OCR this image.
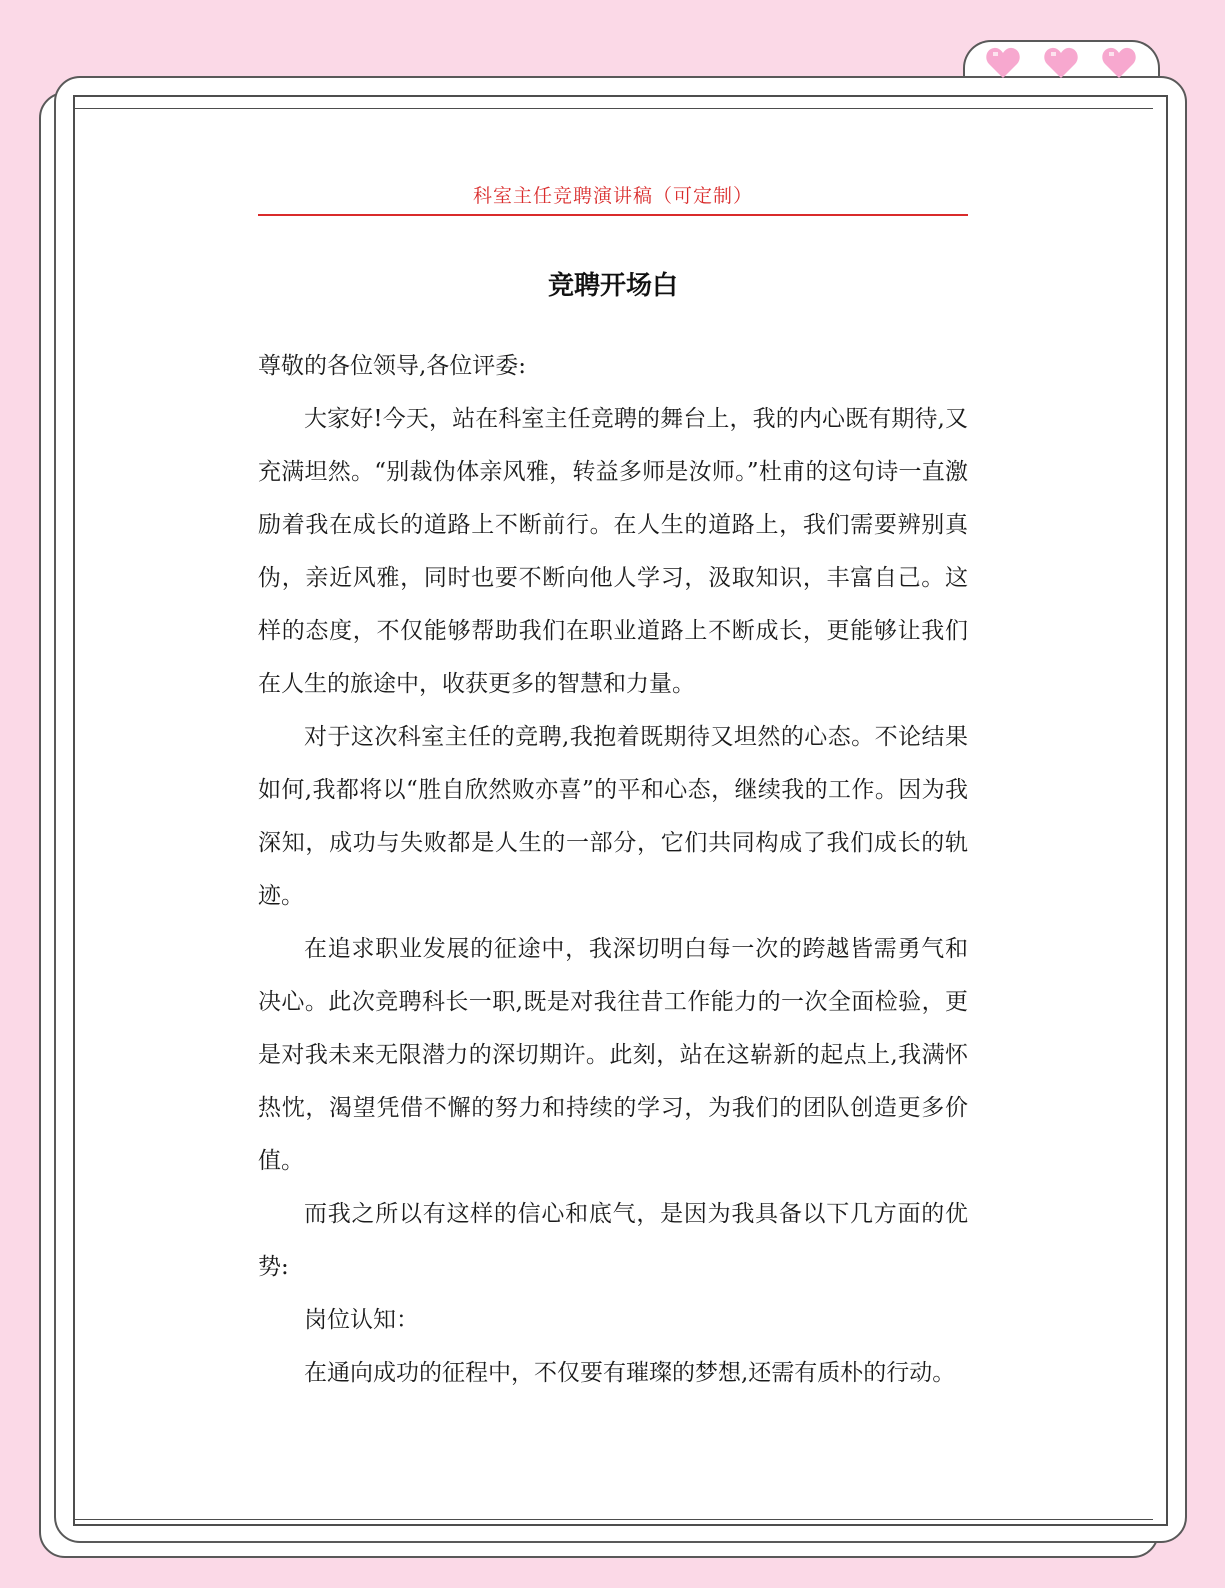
科室主任竞聘演讲稿（可定制）

竞聘开场白

尊敬的各位领导,各位评委:

大家好!今天，站在科室主任竞聘的舞台上，我的内心既有期待,又充满坦然。“别裁伪体亲风雅，转益多师是汝师。”杜甫的这句诗一直激励着我在成长的道路上不断前行。在人生的道路上，我们需要辨别真伪，亲近风雅，同时也要不断向他人学习，汲取知识，丰富自己。这样的态度，不仅能够帮助我们在职业道路上不断成长，更能够让我们在人生的旅途中，收获更多的智慧和力量。

对于这次科室主任的竞聘,我抱着既期待又坦然的心态。不论结果如何,我都将以“胜自欣然败亦喜”的平和心态，继续我的工作。因为我深知，成功与失败都是人生的一部分，它们共同构成了我们成长的轨迹。

在追求职业发展的征途中，我深切明白每一次的跨越皆需勇气和决心。此次竞聘科长一职,既是对我往昔工作能力的一次全面检验，更是对我未来无限潜力的深切期许。此刻，站在这崭新的起点上,我满怀热忱，渴望凭借不懈的努力和持续的学习，为我们的团队创造更多价值。

而我之所以有这样的信心和底气，是因为我具备以下几方面的优势:

岗位认知：

在通向成功的征程中，不仅要有璀璨的梦想,还需有质朴的行动。
